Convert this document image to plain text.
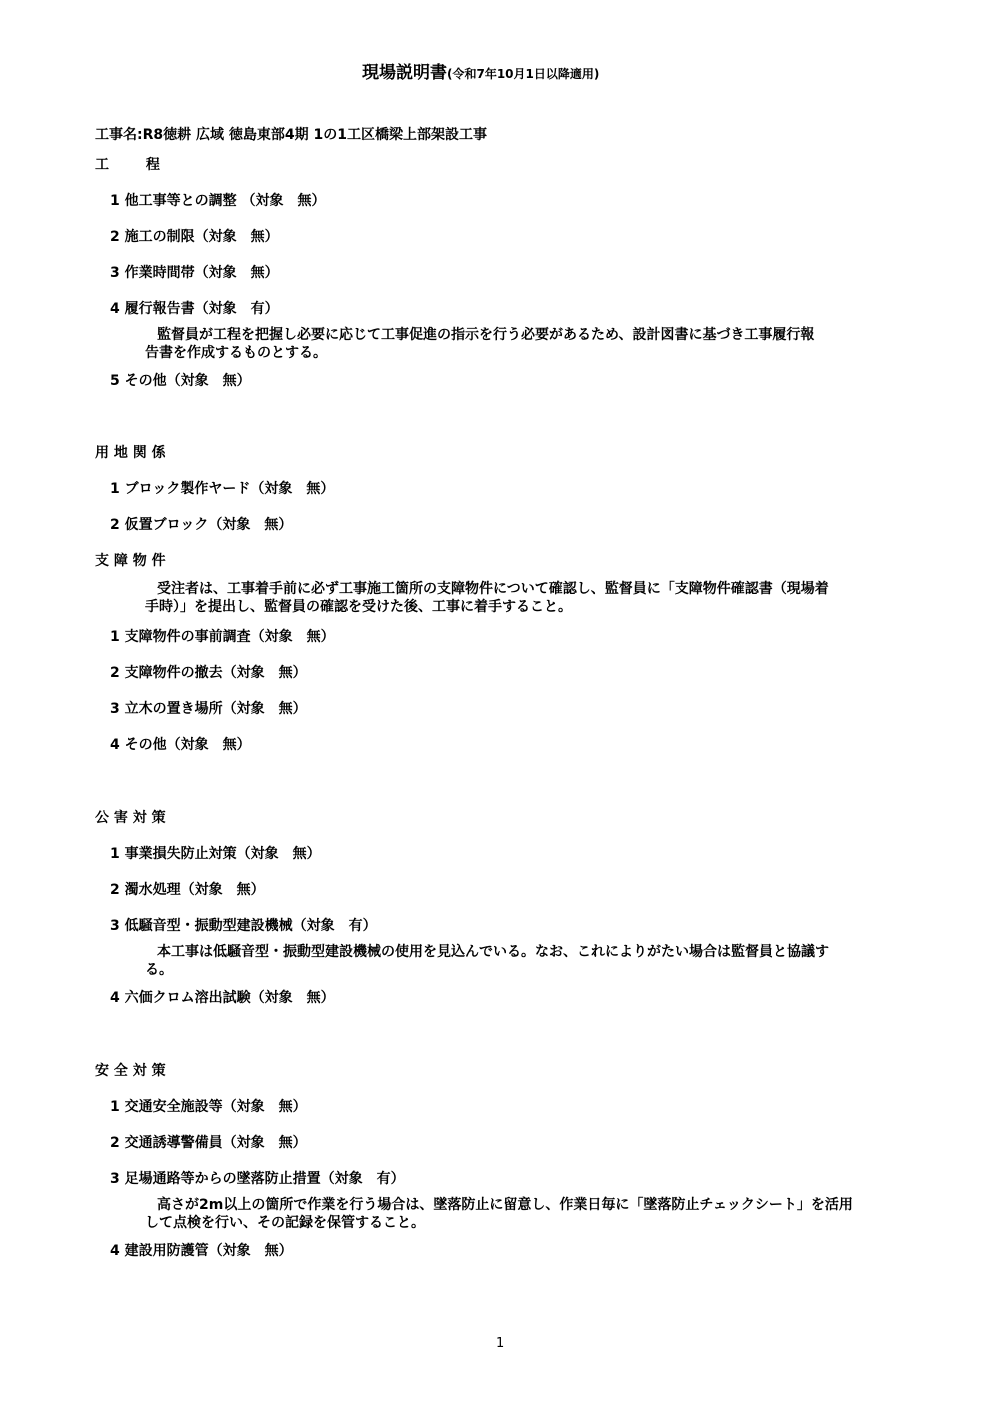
現場説明書(令和7年10月1日以降適用)
工事名:R8徳耕 広域 徳島東部4期 1の1工区橋梁上部架設工事
工　 程
1 他工事等との調整 （対象　無）
2 施工の制限（対象　無）
3 作業時間帯（対象　無）
4 履行報告書（対象　有）
監督員が工程を把握し必要に応じて工事促進の指示を行う必要があるため、設計図書に基づき工事履行報
告書を作成するものとする。
5 その他（対象　無）
用 地 関 係
1 ブロック製作ヤード（対象　無）
2 仮置ブロック（対象　無）
支 障 物 件
受注者は、工事着手前に必ず工事施工箇所の支障物件について確認し、監督員に「支障物件確認書（現場着
手時）」を提出し、監督員の確認を受けた後、工事に着手すること。
1 支障物件の事前調査（対象　無）
2 支障物件の撤去（対象　無）
3 立木の置き場所（対象　無）
4 その他（対象　無）
公 害 対 策
1 事業損失防止対策（対象　無）
2 濁水処理（対象　無）
3 低騒音型・振動型建設機械（対象　有）
本工事は低騒音型・振動型建設機械の使用を見込んでいる。なお、これによりがたい場合は監督員と協議す
る。
4 六価クロム溶出試験（対象　無）
安 全 対 策
1 交通安全施設等（対象　無）
2 交通誘導警備員（対象　無）
3 足場通路等からの墜落防止措置（対象　有）
高さが2m以上の箇所で作業を行う場合は、墜落防止に留意し、作業日毎に「墜落防止チェックシート」を活用
して点検を行い、その記録を保管すること。
4 建設用防護管（対象　無）
1
